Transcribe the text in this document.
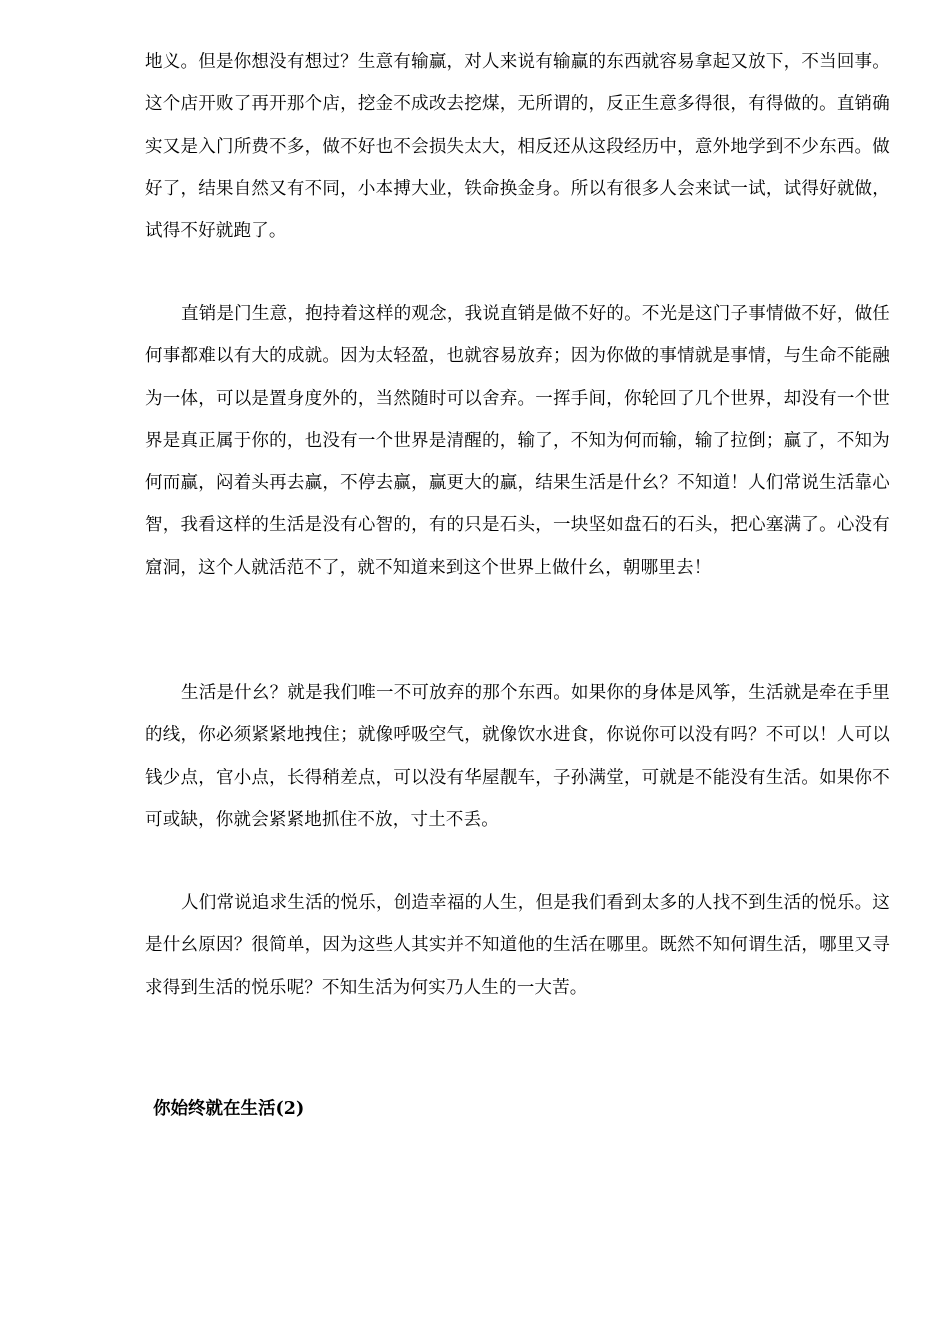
地义。但是你想没有想过？生意有输赢，对人来说有输赢的东西就容易拿起又放下，不当回事。这个店开败了再开那个店，挖金不成改去挖煤，无所谓的，反正生意多得很，有得做的。直销确实又是入门所费不多，做不好也不会损失太大，相反还从这段经历中，意外地学到不少东西。做好了，结果自然又有不同，小本搏大业，铁命换金身。所以有很多人会来试一试，试得好就做，试得不好就跑了。

直销是门生意，抱持着这样的观念，我说直销是做不好的。不光是这门子事情做不好，做任何事都难以有大的成就。因为太轻盈，也就容易放弃；因为你做的事情就是事情，与生命不能融为一体，可以是置身度外的，当然随时可以舍弃。一挥手间，你轮回了几个世界，却没有一个世界是真正属于你的，也没有一个世界是清醒的，输了，不知为何而输，输了拉倒；赢了，不知为何而赢，闷着头再去赢，不停去赢，赢更大的赢，结果生活是什幺？不知道！人们常说生活靠心智，我看这样的生活是没有心智的，有的只是石头，一块坚如盘石的石头，把心塞满了。心没有窟洞，这个人就活范不了，就不知道来到这个世界上做什幺，朝哪里去！

生活是什幺？就是我们唯一不可放弃的那个东西。如果你的身体是风筝，生活就是牵在手里的线，你必须紧紧地拽住；就像呼吸空气，就像饮水进食，你说你可以没有吗？不可以！人可以钱少点，官小点，长得稍差点，可以没有华屋靓车，子孙满堂，可就是不能没有生活。如果你不可或缺，你就会紧紧地抓住不放，寸土不丢。

人们常说追求生活的悦乐，创造幸福的人生，但是我们看到太多的人找不到生活的悦乐。这是什幺原因？很简单，因为这些人其实并不知道他的生活在哪里。既然不知何谓生活，哪里又寻求得到生活的悦乐呢？不知生活为何实乃人生的一大苦。

你始终就在生活(2)
